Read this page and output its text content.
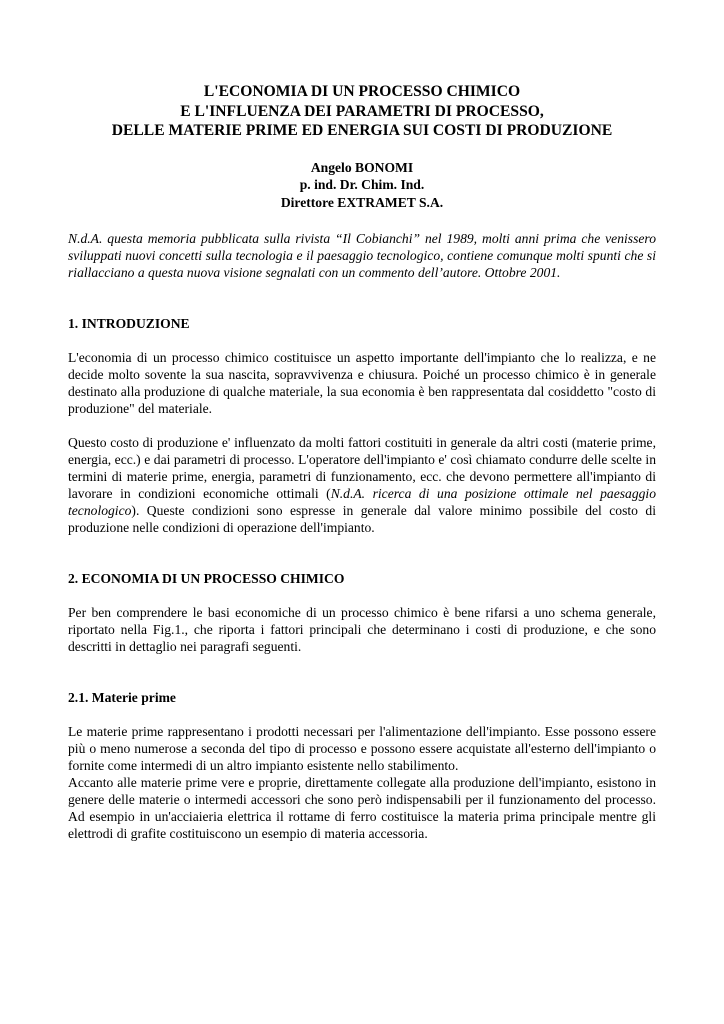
L'ECONOMIA DI UN PROCESSO CHIMICO
E L'INFLUENZA DEI PARAMETRI DI PROCESSO,
DELLE MATERIE PRIME ED ENERGIA SUI COSTI DI PRODUZIONE
Angelo BONOMI
p. ind. Dr. Chim. Ind.
Direttore EXTRAMET S.A.

N.d.A. questa memoria pubblicata sulla rivista “Il Cobianchi” nel 1989, molti anni prima che venissero sviluppati nuovi concetti sulla tecnologia e il paesaggio tecnologico, contiene comunque molti spunti che si riallacciano a questa nuova visione segnalati con un commento dell’autore. Ottobre 2001.

1. INTRODUZIONE

L'economia di un processo chimico costituisce un aspetto importante dell'impianto che lo realizza, e ne decide molto sovente la sua nascita, sopravvivenza e chiusura. Poiché un processo chimico è in generale destinato alla produzione di qualche materiale, la sua economia è ben rappresentata dal cosiddetto "costo di produzione" del materiale.

Questo costo di produzione e' influenzato da molti fattori costituiti in generale da altri costi (materie prime, energia, ecc.) e dai parametri di processo. L'operatore dell'impianto e' così chiamato condurre delle scelte in termini di materie prime, energia, parametri di funzionamento, ecc. che devono permettere all'impianto di lavorare in condizioni economiche ottimali (N.d.A. ricerca di una posizione ottimale nel paesaggio tecnologico). Queste condizioni sono espresse in generale dal valore minimo possibile del costo di produzione nelle condizioni di operazione dell'impianto.

2. ECONOMIA DI UN PROCESSO CHIMICO

Per ben comprendere le basi economiche di un processo chimico è bene rifarsi a uno schema generale, riportato nella Fig.1., che riporta i fattori principali che determinano i costi di produzione, e che sono descritti in dettaglio nei paragrafi seguenti.

2.1. Materie prime

Le materie prime rappresentano i prodotti necessari per l'alimentazione dell'impianto. Esse possono essere più o meno numerose a seconda del tipo di processo e possono essere acquistate all'esterno dell'impianto o fornite come intermedi di un altro impianto esistente nello stabilimento.

Accanto alle materie prime vere e proprie, direttamente collegate alla produzione dell'impianto, esistono in genere delle materie o intermedi accessori che sono però indispensabili per il funzionamento del processo. Ad esempio in un'acciaieria elettrica il rottame di ferro costituisce la materia prima principale mentre gli elettrodi di grafite costituiscono un esempio di materia accessoria.
